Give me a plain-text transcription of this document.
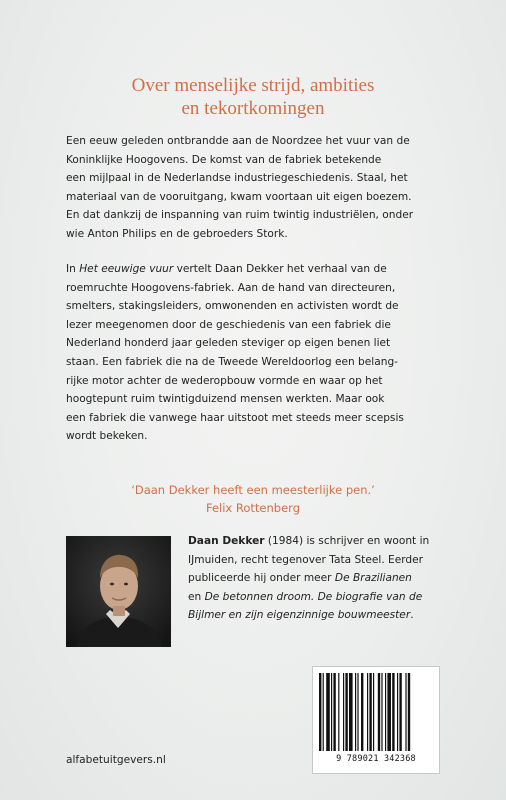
Over menselijke strijd, ambities
en tekortkomingen
Een eeuw geleden ontbrandde aan de Noordzee het vuur van de
Koninklijke Hoogovens. De komst van de fabriek betekende
een mijlpaal in de Nederlandse industriegeschiedenis. Staal, het
materiaal van de vooruitgang, kwam voortaan uit eigen boezem.
En dat dankzij de inspanning van ruim twintig industriëlen, onder
wie Anton Philips en de gebroeders Stork.
In Het eeuwige vuur vertelt Daan Dekker het verhaal van de
roemruchte Hoogovens-fabriek. Aan de hand van directeuren,
smelters, stakingsleiders, omwonenden en activisten wordt de
lezer meegenomen door de geschiedenis van een fabriek die
Nederland honderd jaar geleden steviger op eigen benen liet
staan. Een fabriek die na de Tweede Wereldoorlog een belang-
rijke motor achter de wederopbouw vormde en waar op het
hoogtepunt ruim twintigduizend mensen werkten. Maar ook
een fabriek die vanwege haar uitstoot met steeds meer scepsis
wordt bekeken.
‘Daan Dekker heeft een meesterlijke pen.’
Felix Rottenberg
Daan Dekker (1984) is schrijver en woont in
IJmuiden, recht tegenover Tata Steel. Eerder
publiceerde hij onder meer De Brazilianen
en De betonnen droom. De biografie van de
Bijlmer en zijn eigenzinnige bouwmeester.
9 789021 342368
alfabetuitgevers.nl
